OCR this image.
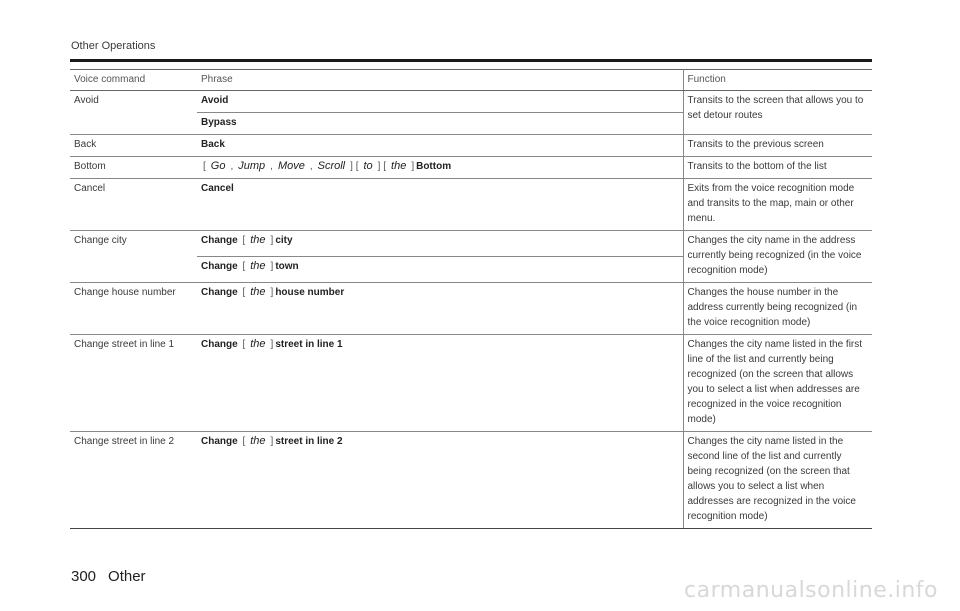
Other Operations
Voice command	Phrase	Function
Avoid	Avoid	Transits to the screen that allows you to set detour routes
	Bypass	
Back	Back	Transits to the previous screen
Bottom	[ Go , Jump , Move , Scroll ] [ to ] [ the ] Bottom	Transits to the bottom of the list
Cancel	Cancel	Exits from the voice recognition mode and transits to the map, main or other menu.
Change city	Change [ the ] city	Changes the city name in the address currently being recognized (in the voice recognition mode)
	Change [ the ] town	
Change house number	Change [ the ] house number	Changes the house number in the address currently being recognized (in the voice recognition mode)
Change street in line 1	Change [ the ] street in line 1	Changes the city name listed in the first line of the list and currently being recognized (on the screen that allows you to select a list when addresses are recognized in the voice recognition mode)
Change street in line 2	Change [ the ] street in line 2	Changes the city name listed in the second line of the list and currently being recognized (on the screen that allows you to select a list when addresses are recognized in the voice recognition mode)
300 Other
carmanualsonline.info
